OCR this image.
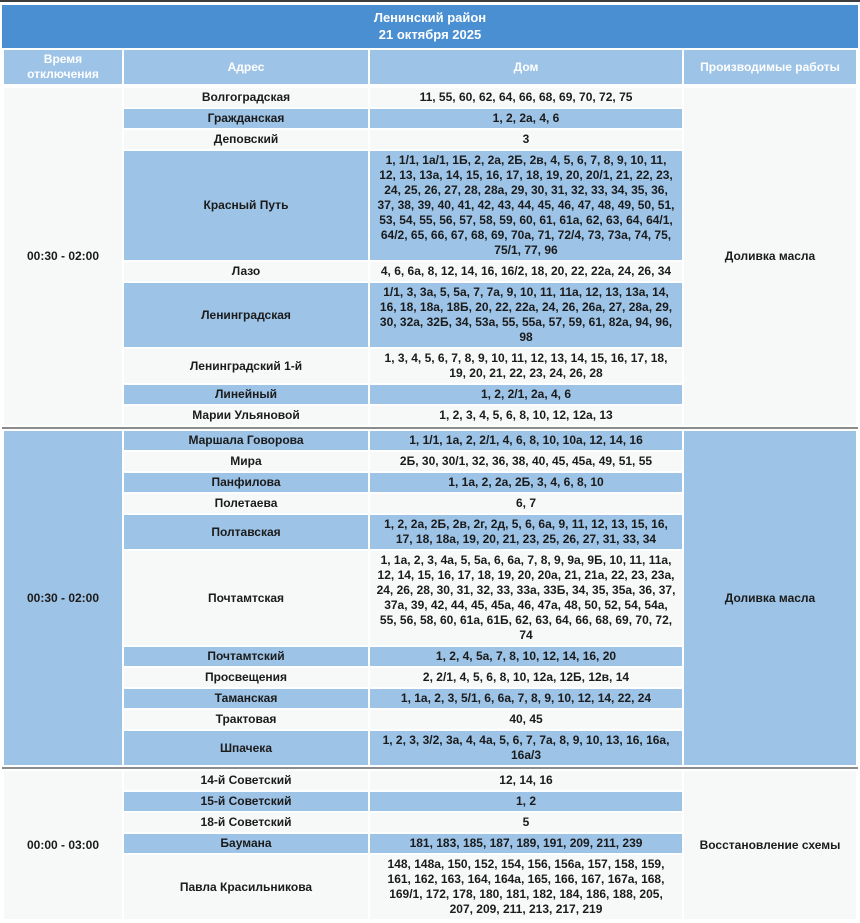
Ленинский район
21 октября 2025
Время отключения	Адрес	Дом	Производимые работы
00:30 - 02:00	Волгоградская	11, 55, 60, 62, 64, 66, 68, 69, 70, 72, 75	Доливка масла
	Гражданская	1, 2, 2а, 4, 6	
	Деповский	3	
	Красный Путь	1, 1/1, 1а/1, 1Б, 2, 2а, 2Б, 2в, 4, 5, 6, 7, 8, 9, 10, 11, 12, 13, 13а, 14, 15, 16, 17, 18, 19, 20, 20/1, 21, 22, 23, 24, 25, 26, 27, 28, 28а, 29, 30, 31, 32, 33, 34, 35, 36, 37, 38, 39, 40, 41, 42, 43, 44, 45, 46, 47, 48, 49, 50, 51, 53, 54, 55, 56, 57, 58, 59, 60, 61, 61а, 62, 63, 64, 64/1, 64/2, 65, 66, 67, 68, 69, 70а, 71, 72/4, 73, 73а, 74, 75, 75/1, 77, 96	
	Лазо	4, 6, 6а, 8, 12, 14, 16, 16/2, 18, 20, 22, 22а, 24, 26, 34	
	Ленинградская	1/1, 3, 3а, 5, 5а, 7, 7а, 9, 10, 11, 11а, 12, 13, 13а, 14, 16, 18, 18а, 18Б, 20, 22, 22а, 24, 26, 26а, 27, 28а, 29, 30, 32а, 32Б, 34, 53а, 55, 55а, 57, 59, 61, 82а, 94, 96, 98	
	Ленинградский 1-й	1, 3, 4, 5, 6, 7, 8, 9, 10, 11, 12, 13, 14, 15, 16, 17, 18, 19, 20, 21, 22, 23, 24, 26, 28	
	Линейный	1, 2, 2/1, 2а, 4, 6	
	Марии Ульяновой	1, 2, 3, 4, 5, 6, 8, 10, 12, 12а, 13	
00:30 - 02:00	Маршала Говорова	1, 1/1, 1а, 2, 2/1, 4, 6, 8, 10, 10а, 12, 14, 16	Доливка масла
	Мира	2Б, 30, 30/1, 32, 36, 38, 40, 45, 45а, 49, 51, 55	
	Панфилова	1, 1а, 2, 2а, 2Б, 3, 4, 6, 8, 10	
	Полетаева	6, 7	
	Полтавская	1, 2, 2а, 2Б, 2в, 2г, 2д, 5, 6, 6а, 9, 11, 12, 13, 15, 16, 17, 18, 18а, 19, 20, 21, 23, 25, 26, 27, 31, 33, 34	
	Почтамтская	1, 1а, 2, 3, 4а, 5, 5а, 6, 6а, 7, 8, 9, 9а, 9Б, 10, 11, 11а, 12, 14, 15, 16, 17, 18, 19, 20, 20а, 21, 21а, 22, 23, 23а, 24, 26, 28, 30, 31, 32, 33, 33а, 33Б, 34, 35, 35а, 36, 37, 37а, 39, 42, 44, 45, 45а, 46, 47а, 48, 50, 52, 54, 54а, 55, 56, 58, 60, 61а, 61Б, 62, 63, 64, 66, 68, 69, 70, 72, 74	
	Почтамтский	1, 2, 4, 5а, 7, 8, 10, 12, 14, 16, 20	
	Просвещения	2, 2/1, 4, 5, 6, 8, 10, 12а, 12Б, 12в, 14	
	Таманская	1, 1а, 2, 3, 5/1, 6, 6а, 7, 8, 9, 10, 12, 14, 22, 24	
	Трактовая	40, 45	
	Шпачека	1, 2, 3, 3/2, 3а, 4, 4а, 5, 6, 7, 7а, 8, 9, 10, 13, 16, 16а, 16а/3	
00:00 - 03:00	14-й Советский	12, 14, 16	Восстановление схемы
	15-й Советский	1, 2	
	18-й Советский	5	
	Баумана	181, 183, 185, 187, 189, 191, 209, 211, 239	
	Павла Красильникова	148, 148а, 150, 152, 154, 156, 156а, 157, 158, 159, 161, 162, 163, 164, 164а, 165, 166, 167, 167а, 168, 169/1, 172, 178, 180, 181, 182, 184, 186, 188, 205, 207, 209, 211, 213, 217, 219	
